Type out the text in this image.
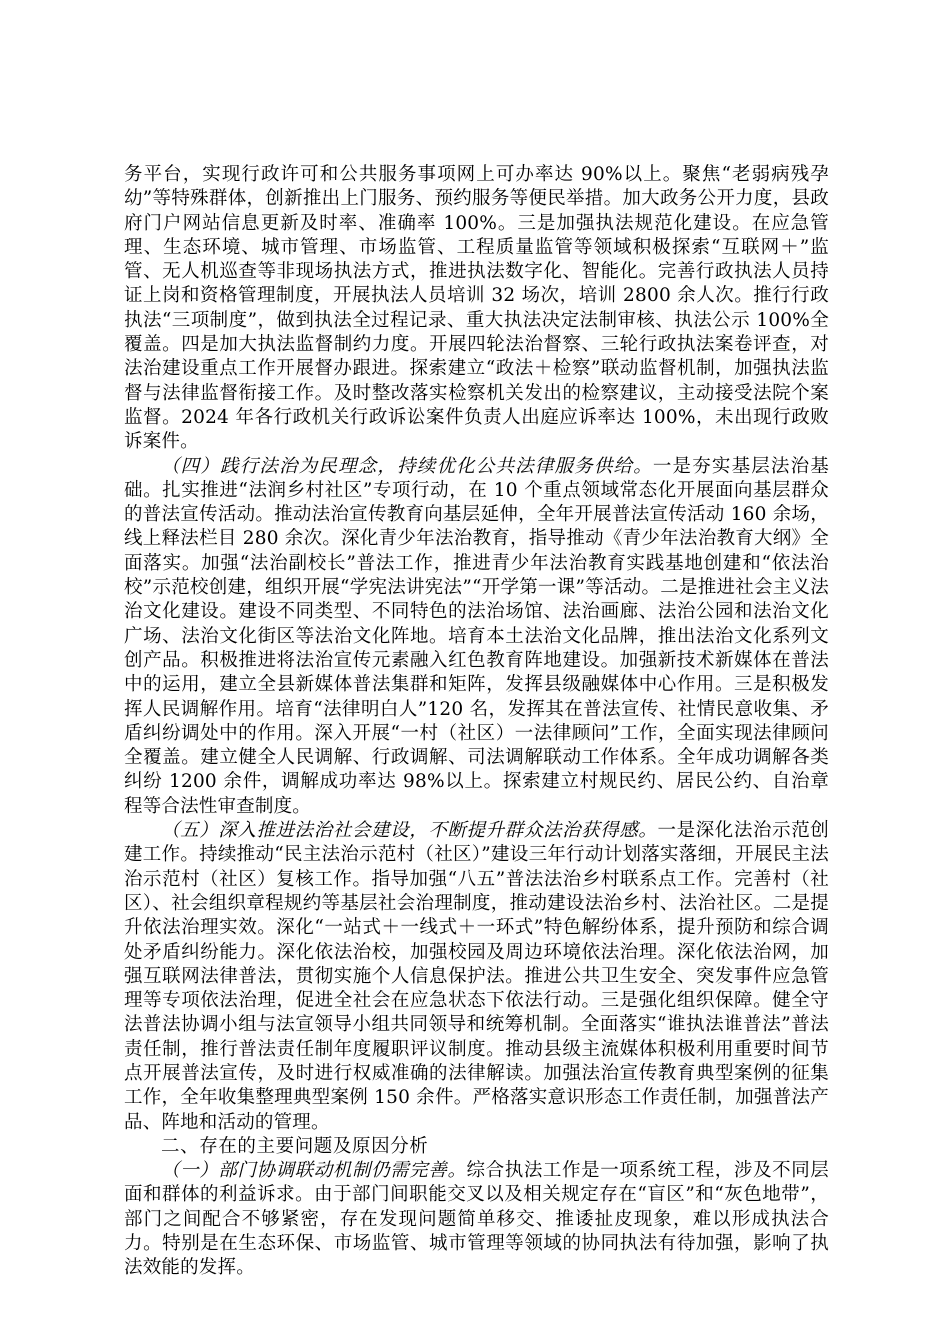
务平台，实现行政许可和公共服务事项网上可办率达 90%以上。聚焦“老弱病残孕幼”等特殊群体，创新推出上门服务、预约服务等便民举措。加大政务公开力度，县政府门户网站信息更新及时率、准确率 100%。三是加强执法规范化建设。在应急管理、生态环境、城市管理、市场监管、工程质量监管等领域积极探索“互联网＋”监管、无人机巡查等非现场执法方式，推进执法数字化、智能化。完善行政执法人员持证上岗和资格管理制度，开展执法人员培训 32 场次，培训 2800 余人次。推行行政执法“三项制度”，做到执法全过程记录、重大执法决定法制审核、执法公示 100%全覆盖。四是加大执法监督制约力度。开展四轮法治督察、三轮行政执法案卷评查，对法治建设重点工作开展督办跟进。探索建立“政法＋检察”联动监督机制，加强执法监督与法律监督衔接工作。及时整改落实检察机关发出的检察建议，主动接受法院个案监督。2024 年各行政机关行政诉讼案件负责人出庭应诉率达 100%，未出现行政败诉案件。

（四）践行法治为民理念，持续优化公共法律服务供给。一是夯实基层法治基础。扎实推进“法润乡村社区”专项行动，在 10 个重点领域常态化开展面向基层群众的普法宣传活动。推动法治宣传教育向基层延伸，全年开展普法宣传活动 160 余场，线上释法栏目 280 余次。深化青少年法治教育，指导推动《青少年法治教育大纲》全面落实。加强“法治副校长”普法工作，推进青少年法治教育实践基地创建和“依法治校”示范校创建，组织开展“学宪法讲宪法”“开学第一课”等活动。二是推进社会主义法治文化建设。建设不同类型、不同特色的法治场馆、法治画廊、法治公园和法治文化广场、法治文化街区等法治文化阵地。培育本土法治文化品牌，推出法治文化系列文创产品。积极推进将法治宣传元素融入红色教育阵地建设。加强新技术新媒体在普法中的运用，建立全县新媒体普法集群和矩阵，发挥县级融媒体中心作用。三是积极发挥人民调解作用。培育“法律明白人”120 名，发挥其在普法宣传、社情民意收集、矛盾纠纷调处中的作用。深入开展“一村（社区）一法律顾问”工作，全面实现法律顾问全覆盖。建立健全人民调解、行政调解、司法调解联动工作体系。全年成功调解各类纠纷 1200 余件，调解成功率达 98%以上。探索建立村规民约、居民公约、自治章程等合法性审查制度。

（五）深入推进法治社会建设，不断提升群众法治获得感。一是深化法治示范创建工作。持续推动“民主法治示范村（社区）”建设三年行动计划落实落细，开展民主法治示范村（社区）复核工作。指导加强“八五”普法法治乡村联系点工作。完善村（社区）、社会组织章程规约等基层社会治理制度，推动建设法治乡村、法治社区。二是提升依法治理实效。深化“一站式＋一线式＋一环式”特色解纷体系，提升预防和综合调处矛盾纠纷能力。深化依法治校，加强校园及周边环境依法治理。深化依法治网，加强互联网法律普法，贯彻实施个人信息保护法。推进公共卫生安全、突发事件应急管理等专项依法治理，促进全社会在应急状态下依法行动。三是强化组织保障。健全守法普法协调小组与法宣领导小组共同领导和统筹机制。全面落实“谁执法谁普法”普法责任制，推行普法责任制年度履职评议制度。推动县级主流媒体积极利用重要时间节点开展普法宣传，及时进行权威准确的法律解读。加强法治宣传教育典型案例的征集工作，全年收集整理典型案例 150 余件。严格落实意识形态工作责任制，加强普法产品、阵地和活动的管理。

二、存在的主要问题及原因分析

（一）部门协调联动机制仍需完善。综合执法工作是一项系统工程，涉及不同层面和群体的利益诉求。由于部门间职能交叉以及相关规定存在“盲区”和“灰色地带”，部门之间配合不够紧密，存在发现问题简单移交、推诿扯皮现象，难以形成执法合力。特别是在生态环保、市场监管、城市管理等领域的协同执法有待加强，影响了执法效能的发挥。
